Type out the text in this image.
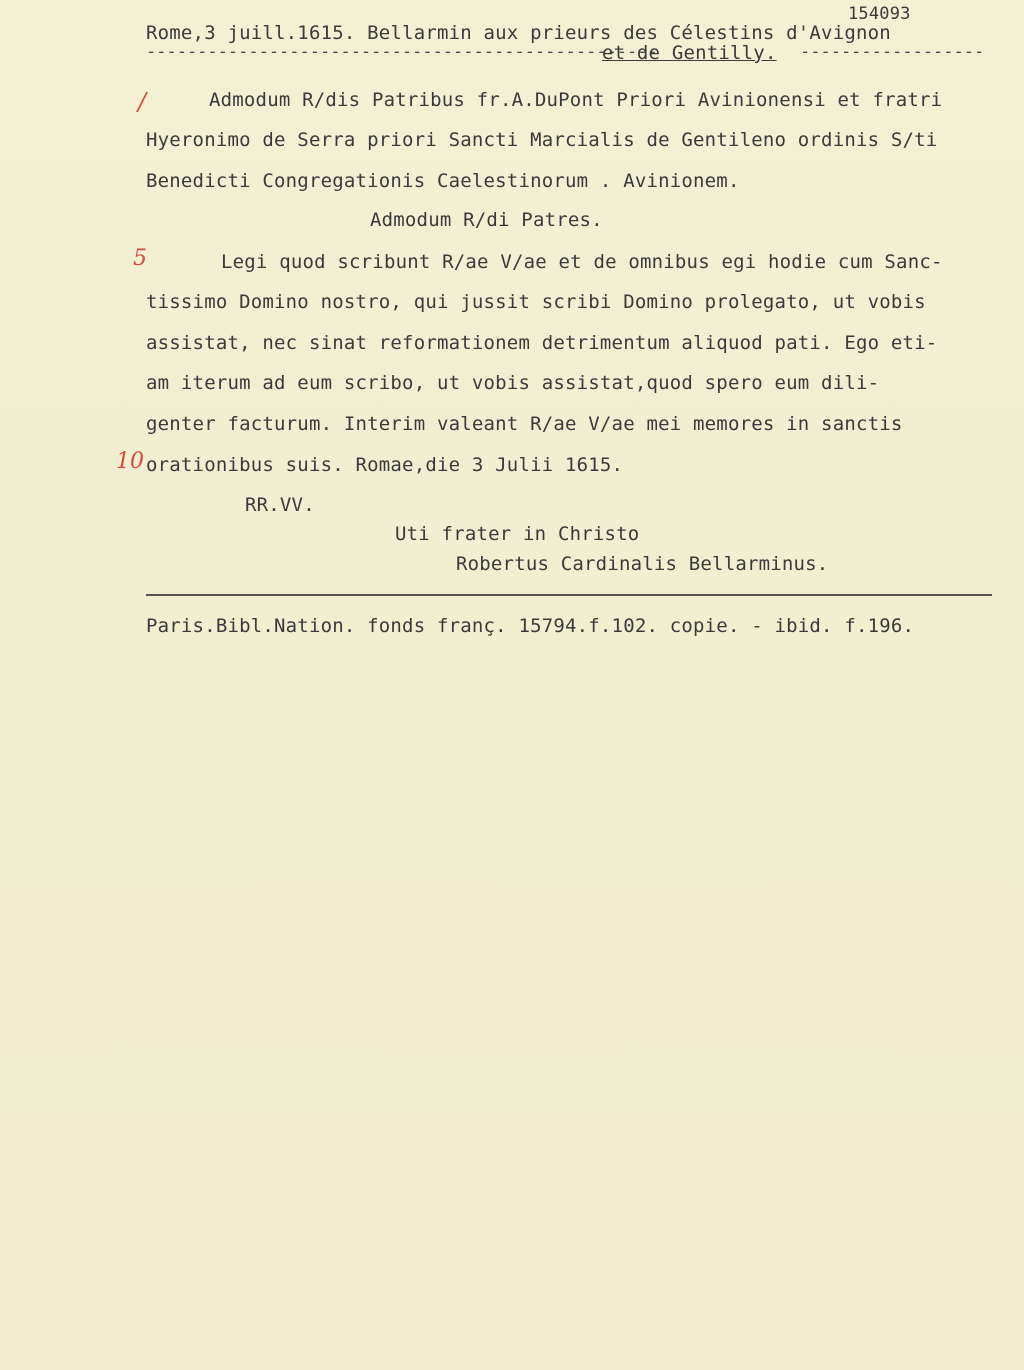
154093
Rome,3 juill.1615. Bellarmin aux prieurs des Célestins d'Avignon
--------------------------------------------------
et de Gentilly. ------------------
/
5
10
Admodum R/dis Patribus fr.A.DuPont Priori Avinionensi et fratri
Hyeronimo de Serra priori Sancti Marcialis de Gentileno ordinis S/ti
Benedicti Congregationis Caelestinorum . Avinionem.
Admodum R/di Patres.
Legi quod scribunt R/ae V/ae et de omnibus egi hodie cum Sanc-
tissimo Domino nostro, qui jussit scribi Domino prolegato, ut vobis
assistat, nec sinat reformationem detrimentum aliquod pati. Ego eti-
am iterum ad eum scribo, ut vobis assistat,quod spero eum dili-
genter facturum. Interim valeant R/ae V/ae mei memores in sanctis
orationibus suis. Romae,die 3 Julii 1615.
RR.VV.
Uti frater in Christo
Robertus Cardinalis Bellarminus.
Paris.Bibl.Nation. fonds franç. 15794.f.102. copie. - ibid. f.196.
